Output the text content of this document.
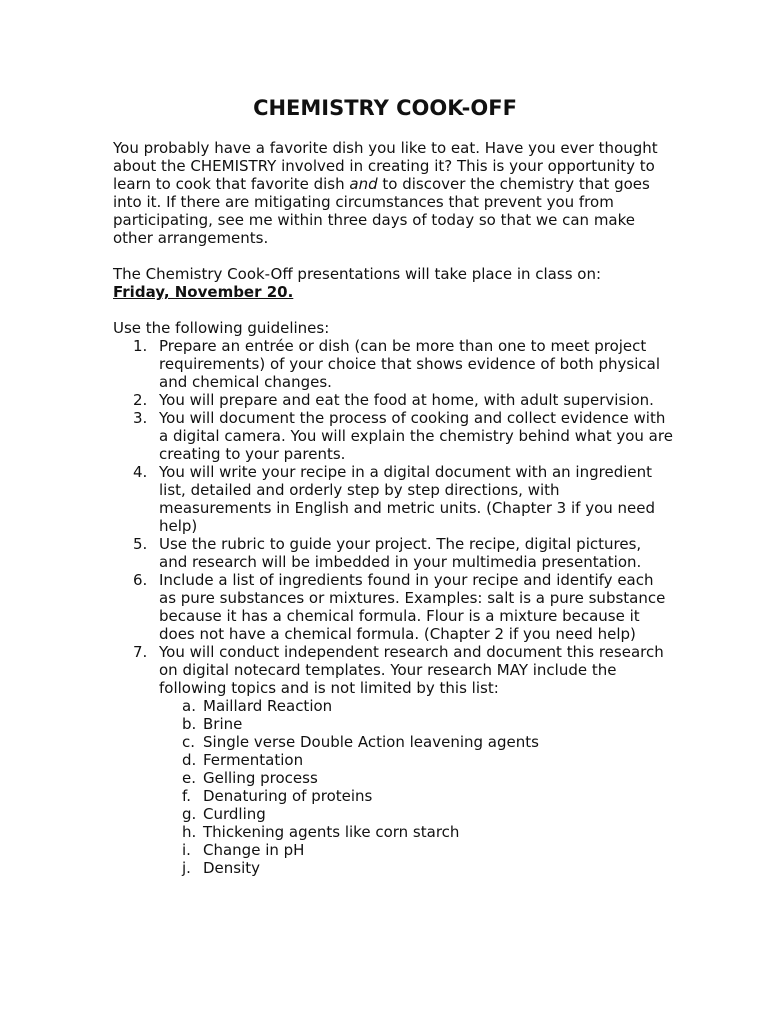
CHEMISTRY COOK-OFF

You probably have a favorite dish you like to eat. Have you ever thought about the CHEMISTRY involved in creating it? This is your opportunity to learn to cook that favorite dish and to discover the chemistry that goes into it. If there are mitigating circumstances that prevent you from participating, see me within three days of today so that we can make other arrangements.

The Chemistry Cook-Off presentations will take place in class on:
Friday, November 20.

Use the following guidelines:

1. Prepare an entrée or dish (can be more than one to meet project requirements) of your choice that shows evidence of both physical and chemical changes.
2. You will prepare and eat the food at home, with adult supervision.
3. You will document the process of cooking and collect evidence with a digital camera. You will explain the chemistry behind what you are creating to your parents.
4. You will write your recipe in a digital document with an ingredient list, detailed and orderly step by step directions, with measurements in English and metric units. (Chapter 3 if you need help)
5. Use the rubric to guide your project. The recipe, digital pictures, and research will be imbedded in your multimedia presentation.
6. Include a list of ingredients found in your recipe and identify each as pure substances or mixtures. Examples: salt is a pure substance because it has a chemical formula. Flour is a mixture because it does not have a chemical formula. (Chapter 2 if you need help)
7. You will conduct independent research and document this research on digital notecard templates. Your research MAY include the following topics and is not limited by this list:
a. Maillard Reaction
b. Brine
c. Single verse Double Action leavening agents
d. Fermentation
e. Gelling process
f. Denaturing of proteins
g. Curdling
h. Thickening agents like corn starch
i. Change in pH
j. Density
